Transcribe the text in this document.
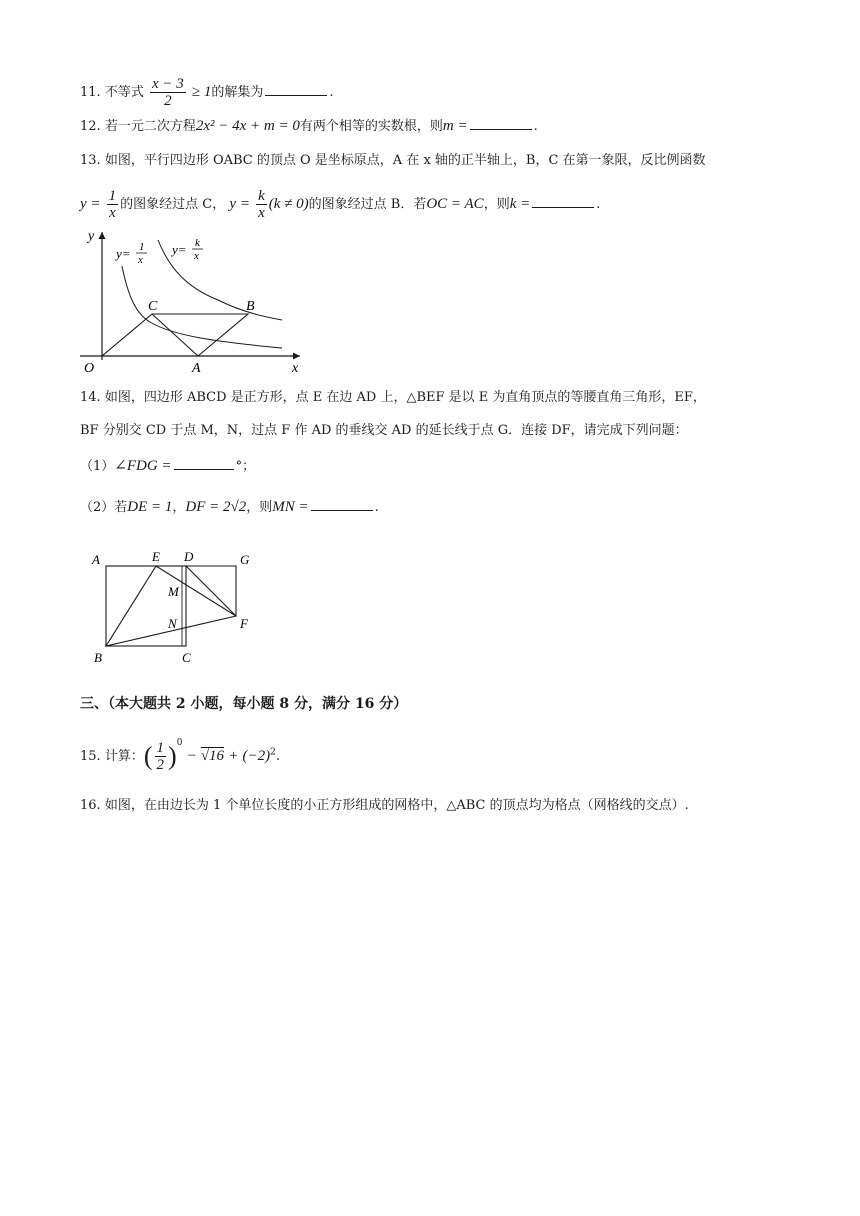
11. 不等式 $\frac{x - 3}{2} \ge 1$的解集为	.
12. 若一元二次方程2x² − 4x + m = 0有两个相等的实数根，则m =	.
13. 如图，平行四边形 OABC 的顶点 O 是坐标原点，A 在 x 轴的正半轴上，B，C 在第一象限，反比例函数
$y = \frac{1}{x}$ 的图象经过点 C， $y = \frac{k}{x} (k \ne 0)$的图象经过点 B．若OC = AC，则k =	.
y
x
O	A
B
C
y= 1
x
y= k
x
14. 如图，四边形 ABCD 是正方形，点 E 在边 AD 上，△BEF 是以 E 为直角顶点的等腰直角三角形，EF，
BF 分别交 CD 于点 M，N，过点 F 作 AD 的垂线交 AD 的延长线于点 G．连接 DF，请完成下列问题：
（1）∠FDG =	°；
（2）若DE = 1，DF = 2√2，则MN =	.
A	E D	G
M
N	F
B	C
三、（本大题共 2 小题，每小题 8 分，满分 16 分）
15. 计算：( $\frac{1}{2} )^0 - √16 + (-2)^2$.
16. 如图，在由边长为 1 个单位长度的小正方形组成的网格中，△ABC 的顶点均为格点（网格线的交点）.
